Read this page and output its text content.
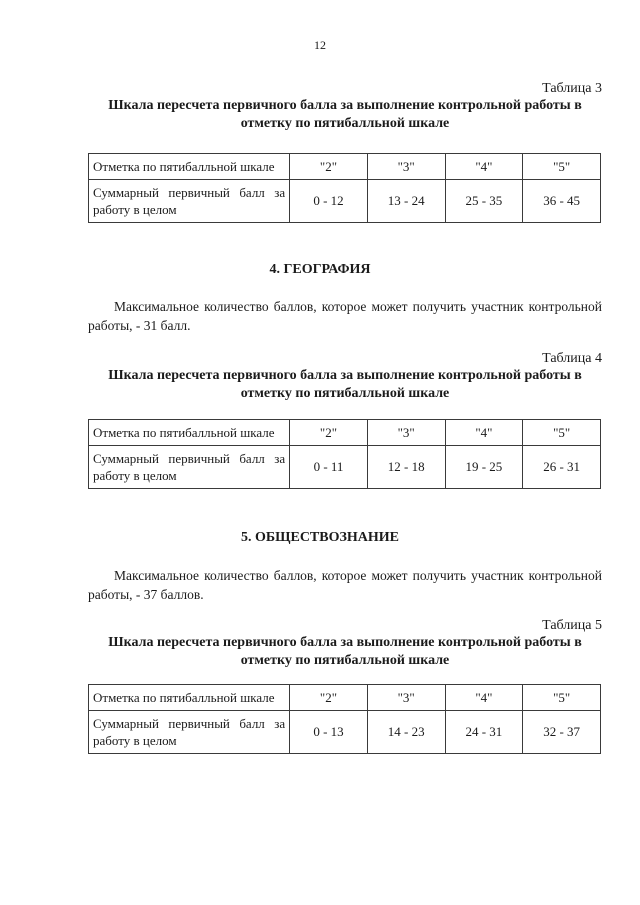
12
Таблица 3
Шкала пересчета первичного балла за выполнение контрольной работы в отметку по пятибалльной шкале
Отметка по пятибалльной шкале	"2"	"3"	"4"	"5"
Суммарный первичный балл за работу в целом	0 - 12	13 - 24	25 - 35	36 - 45
4. ГЕОГРАФИЯ
Максимальное количество баллов, которое может получить участник контрольной работы, - 31 балл.
Таблица 4
Шкала пересчета первичного балла за выполнение контрольной работы в отметку по пятибалльной шкале
Отметка по пятибалльной шкале	"2"	"3"	"4"	"5"
Суммарный первичный балл за работу в целом	0 - 11	12 - 18	19 - 25	26 - 31
5. ОБЩЕСТВОЗНАНИЕ
Максимальное количество баллов, которое может получить участник контрольной работы, - 37 баллов.
Таблица 5
Шкала пересчета первичного балла за выполнение контрольной работы в отметку по пятибалльной шкале
Отметка по пятибалльной шкале	"2"	"3"	"4"	"5"
Суммарный первичный балл за работу в целом	0 - 13	14 - 23	24 - 31	32 - 37
